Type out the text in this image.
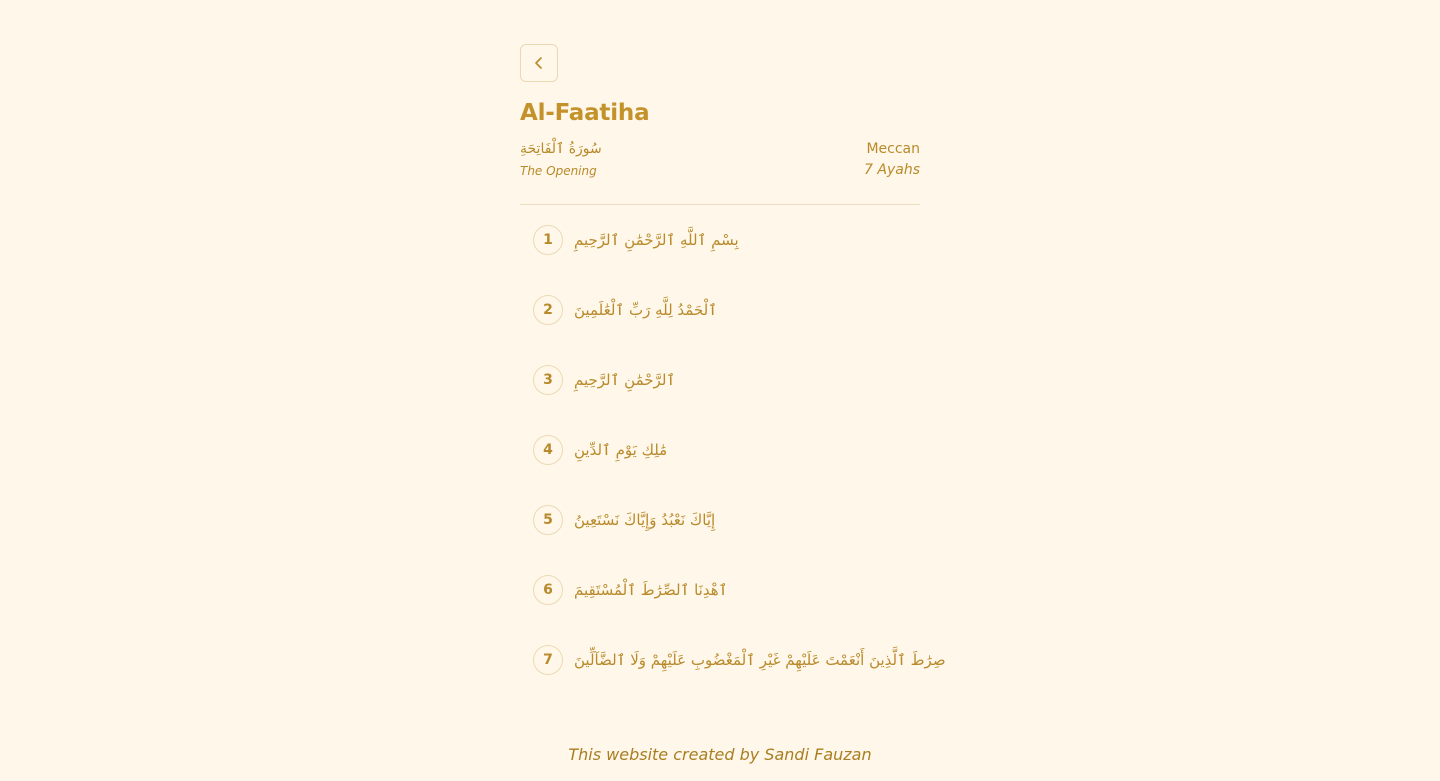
Al-Faatiha
سُورَةُ ٱلْفَاتِحَةِ
The Opening
Meccan
7 Ayahs
1	بِسْمِ ٱللَّهِ ٱلرَّحْمَٰنِ ٱلرَّحِيمِ
2	ٱلْحَمْدُ لِلَّهِ رَبِّ ٱلْعَٰلَمِينَ
3	ٱلرَّحْمَٰنِ ٱلرَّحِيمِ
4	مَٰلِكِ يَوْمِ ٱلدِّينِ
5	إِيَّاكَ نَعْبُدُ وَإِيَّاكَ نَسْتَعِينُ
6	ٱهْدِنَا ٱلصِّرَٰطَ ٱلْمُسْتَقِيمَ
7	صِرَٰطَ ٱلَّذِينَ أَنْعَمْتَ عَلَيْهِمْ غَيْرِ ٱلْمَغْضُوبِ عَلَيْهِمْ وَلَا ٱلضَّآلِّينَ
This website created by Sandi Fauzan
